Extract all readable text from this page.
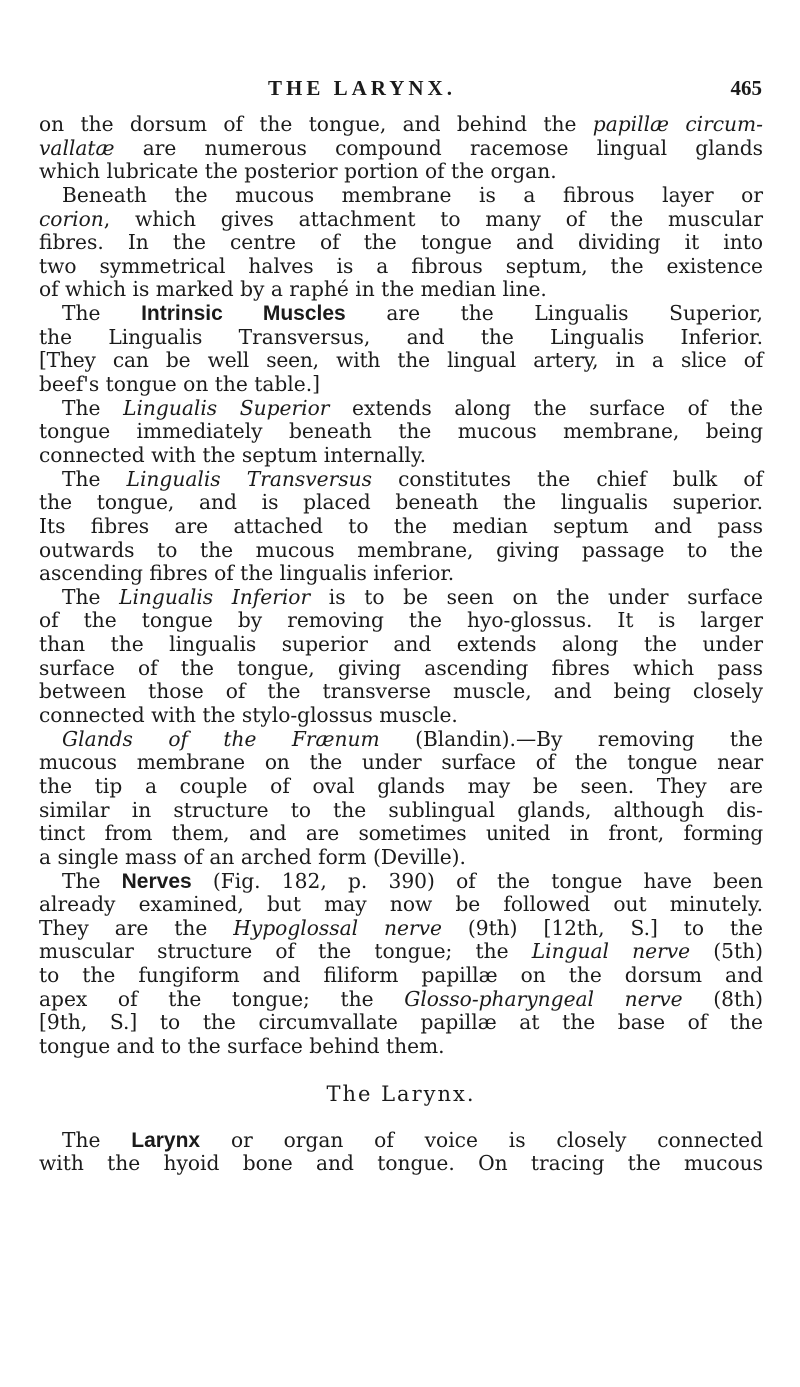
THE LARYNX.	465
on the dorsum of the tongue, and behind the papillæ circum-
vallatæ are numerous compound racemose lingual glands
which lubricate the posterior portion of the organ.
Beneath the mucous membrane is a fibrous layer or
corion, which gives attachment to many of the muscular
fibres. In the centre of the tongue and dividing it into
two symmetrical halves is a fibrous septum, the existence
of which is marked by a raphé in the median line.
The Intrinsic Muscles are the Lingualis Superior,
the Lingualis Transversus, and the Lingualis Inferior.
[They can be well seen, with the lingual artery, in a slice of
beef's tongue on the table.]
The Lingualis Superior extends along the surface of the
tongue immediately beneath the mucous membrane, being
connected with the septum internally.
The Lingualis Transversus constitutes the chief bulk of
the tongue, and is placed beneath the lingualis superior.
Its fibres are attached to the median septum and pass
outwards to the mucous membrane, giving passage to the
ascending fibres of the lingualis inferior.
The Lingualis Inferior is to be seen on the under surface
of the tongue by removing the hyo-glossus. It is larger
than the lingualis superior and extends along the under
surface of the tongue, giving ascending fibres which pass
between those of the transverse muscle, and being closely
connected with the stylo-glossus muscle.
Glands of the Frænum (Blandin).—By removing the
mucous membrane on the under surface of the tongue near
the tip a couple of oval glands may be seen. They are
similar in structure to the sublingual glands, although dis-
tinct from them, and are sometimes united in front, forming
a single mass of an arched form (Deville).
The Nerves (Fig. 182, p. 390) of the tongue have been
already examined, but may now be followed out minutely.
They are the Hypoglossal nerve (9th) [12th, S.] to the
muscular structure of the tongue; the Lingual nerve (5th)
to the fungiform and filiform papillæ on the dorsum and
apex of the tongue; the Glosso-pharyngeal nerve (8th)
[9th, S.] to the circumvallate papillæ at the base of the
tongue and to the surface behind them.
The Larynx.
The Larynx or organ of voice is closely connected
with the hyoid bone and tongue. On tracing the mucous
